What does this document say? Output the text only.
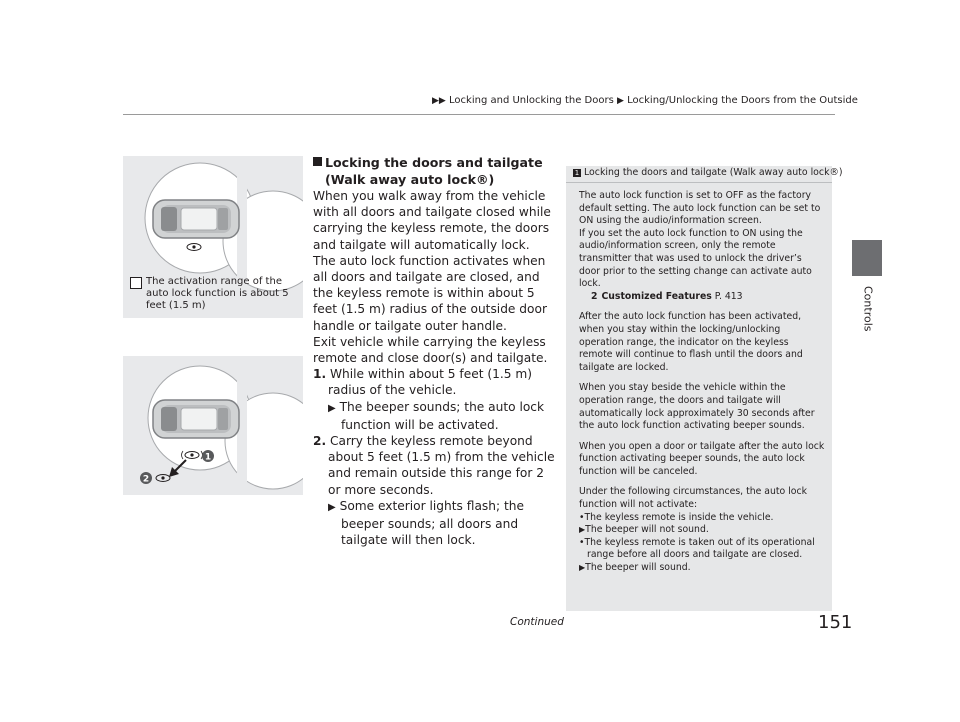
▶▶ Locking and Unlocking the Doors ▶ Locking/Unlocking the Doors from the Outside
Controls
The activation range of the auto lock function is about 5 feet (1.5 m)
1
2
Locking the doors and tailgate (Walk away auto lock®)

When you walk away from the vehicle with all doors and tailgate closed while carrying the keyless remote, the doors and tailgate will automatically lock.

The auto lock function activates when all doors and tailgate are closed, and the keyless remote is within about 5 feet (1.5 m) radius of the outside door handle or tailgate outer handle.

Exit vehicle while carrying the keyless remote and close door(s) and tailgate.

1. While within about 5 feet (1.5 m) radius of the vehicle.
▶ The beeper sounds; the auto lock function will be activated.
2. Carry the keyless remote beyond about 5 feet (1.5 m) from the vehicle and remain outside this range for 2 or more seconds.
▶ Some exterior lights flash; the beeper sounds; all doors and tailgate will then lock.
1 Locking the doors and tailgate (Walk away auto lock®)

The auto lock function is set to OFF as the factory default setting. The auto lock function can be set to ON using the audio/information screen.

If you set the auto lock function to ON using the audio/information screen, only the remote transmitter that was used to unlock the driver’s door prior to the setting change can activate auto lock.

2 Customized Features P. 413

After the auto lock function has been activated, when you stay within the locking/unlocking operation range, the indicator on the keyless remote will continue to flash until the doors and tailgate are locked.

When you stay beside the vehicle within the operation range, the doors and tailgate will automatically lock approximately 30 seconds after the auto lock function activating beeper sounds.

When you open a door or tailgate after the auto lock function activating beeper sounds, the auto lock function will be canceled.

Under the following circumstances, the auto lock function will not activate:

•The keyless remote is inside the vehicle.
▶The beeper will not sound.
•The keyless remote is taken out of its operational range before all doors and tailgate are closed.
▶The beeper will sound.
Continued	151
